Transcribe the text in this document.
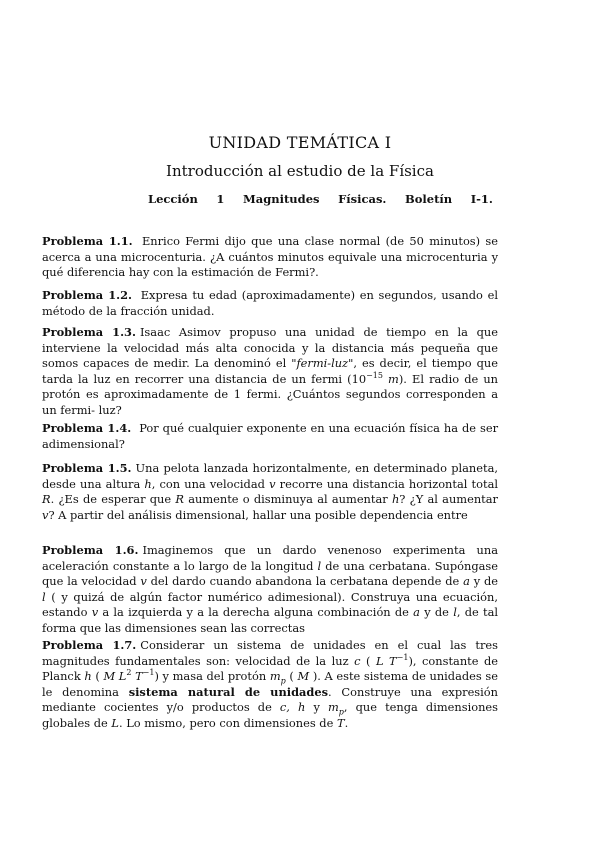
UNIDAD TEMÁTICA I
Introducción al estudio de la Física
Lección 1 Magnitudes Físicas. Boletín I-1.
Problema 1.1. Enrico Fermi dijo que una clase normal (de 50 minutos) se acerca a una microcenturia. ¿A cuántos minutos equivale una microcenturia y qué diferencia hay con la estimación de Fermi?.
Problema 1.2. Expresa tu edad (aproximadamente) en segundos, usando el método de la fracción unidad.
Problema 1.3. Isaac Asimov propuso una unidad de tiempo en la que interviene la velocidad más alta conocida y la distancia más pequeña que somos capaces de medir. La denominó el "fermi-luz", es decir, el tiempo que tarda la luz en recorrer una distancia de un fermi ($10^{-15}$ m). El radio de un protón es aproximadamente de 1 fermi. ¿Cuántos segundos corresponden a un fermi- luz?
Problema 1.4. Por qué cualquier exponente en una ecuación física ha de ser adimensional?
Problema 1.5. Una pelota lanzada horizontalmente, en determinado planeta, desde una altura h, con una velocidad v recorre una distancia horizontal total R. ¿Es de esperar que R aumente o disminuya al aumentar h? ¿Y al aumentar v? A partir del análisis dimensional, hallar una posible dependencia entre
Problema 1.6. Imaginemos que un dardo venenoso experimenta una aceleración constante a lo largo de la longitud l de una cerbatana. Supóngase que la velocidad v del dardo cuando abandona la cerbatana depende de a y de l ( y quizá de algún factor numérico adimesional). Construya una ecuación, estando v a la izquierda y a la derecha alguna combinación de a y de l, de tal forma que las dimensiones sean las correctas
Problema 1.7. Considerar un sistema de unidades en el cual las tres magnitudes fundamentales son: velocidad de la luz c ( L $T^{-1}$), constante de Planck h ( M $L^2$ $T^{-1}$) y masa del protón $m_p$ ( M ). A este sistema de unidades se le denomina sistema natural de unidades. Construye una expresión mediante cocientes y/o productos de c, h y $m_p$, que tenga dimensiones globales de L. Lo mismo, pero con dimensiones de T.
